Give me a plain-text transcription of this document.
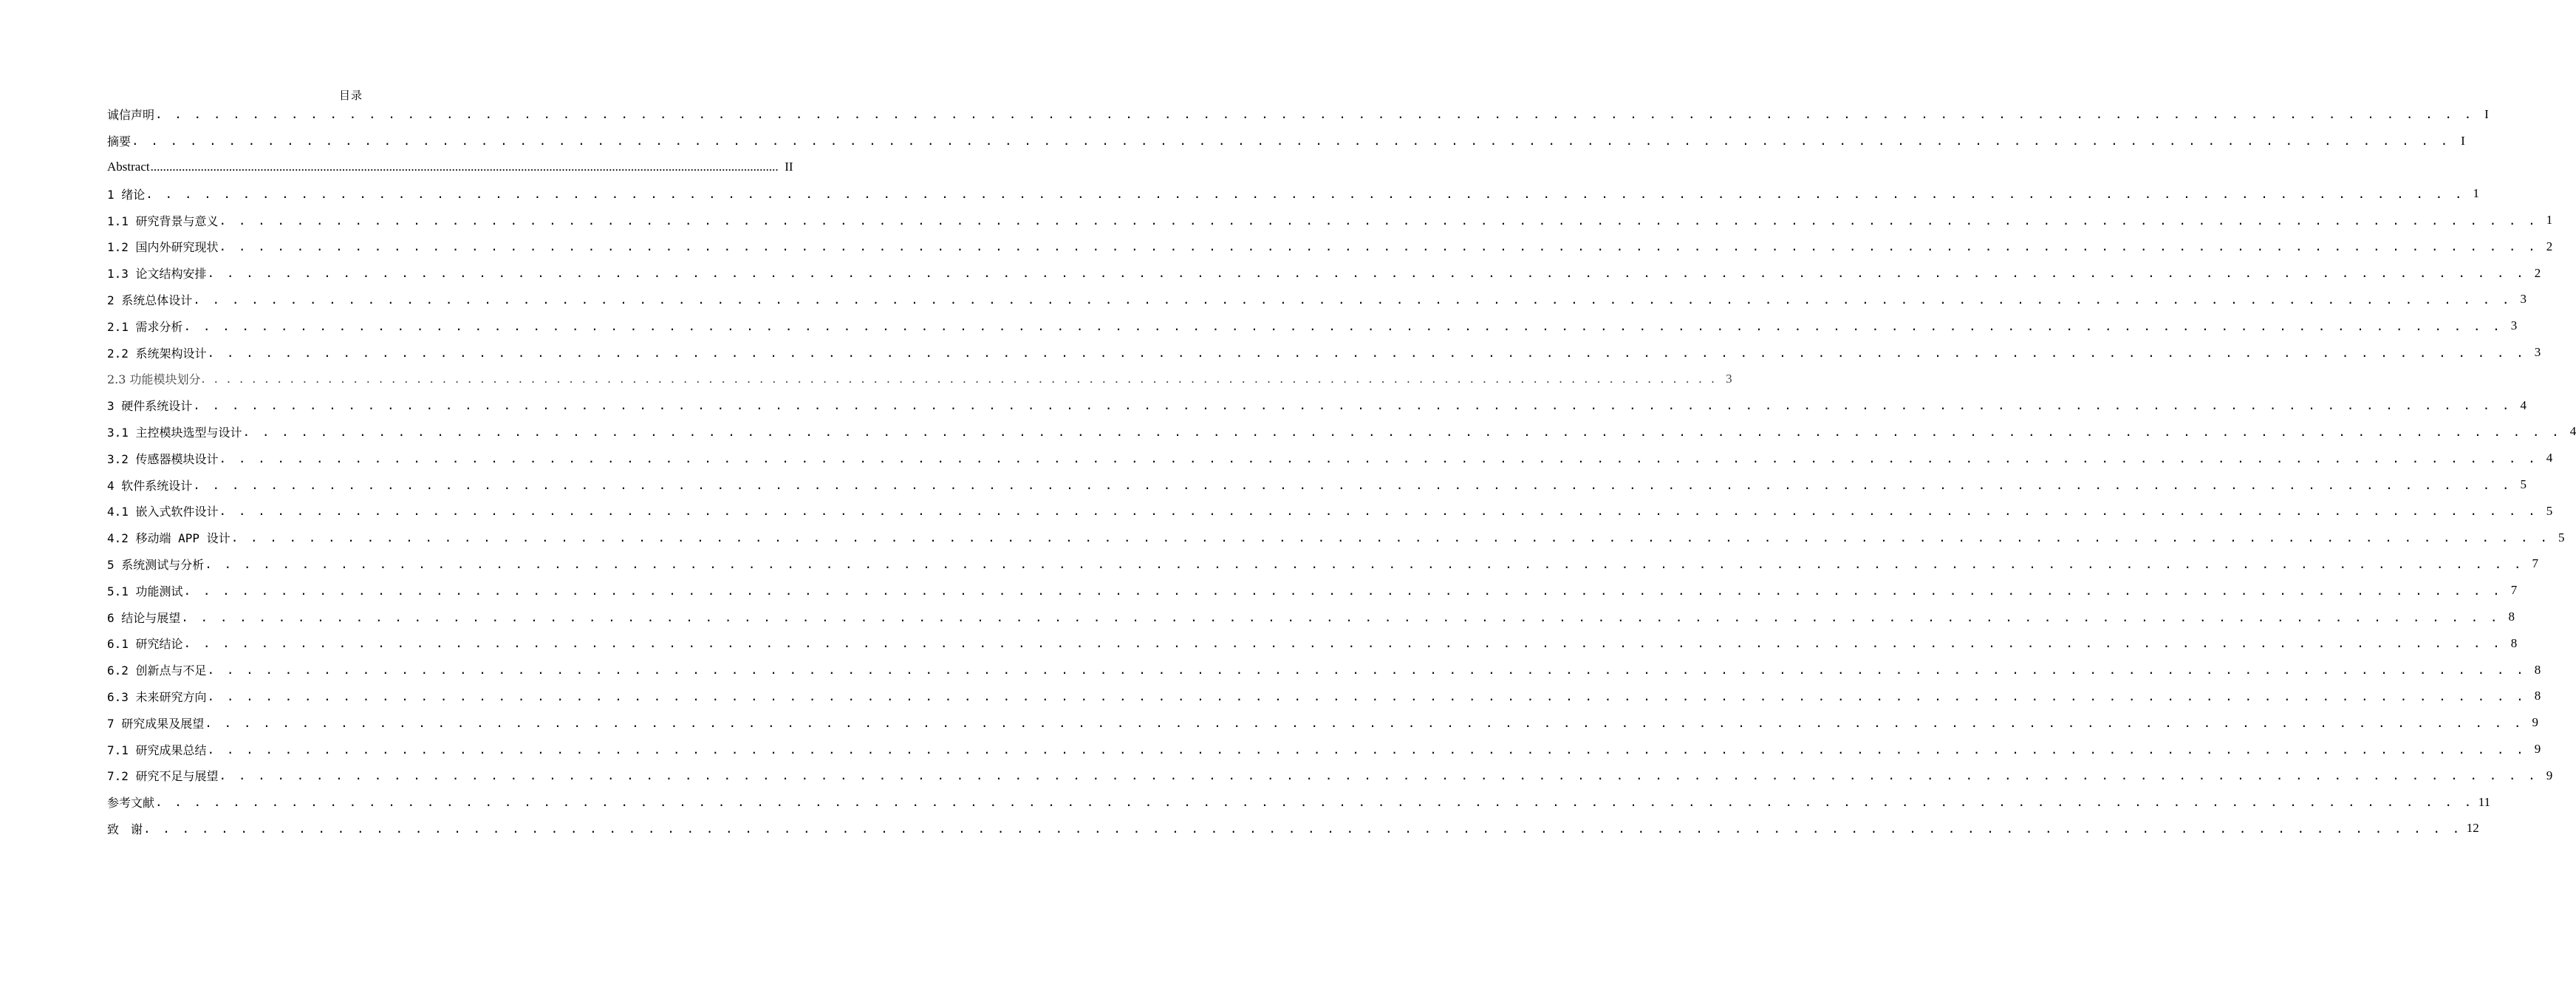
目录
诚信声明 . . . . . . . . . . . . . . . . . . . . . . . . . . . . . . . . . . . . . . . . . . . . . . . . . . . . . . . . . . . . . . . . . . . . . . . . . . . . . . . . . . . . . . . . . . . . . . . . . . . . . . . . . . . . . . . . . . . . . . . . I
摘要 . . . . . . . . . . . . . . . . . . . . . . . . . . . . . . . . . . . . . . . . . . . . . . . . . . . . . . . . . . . . . . . . . . . . . . . . . . . . . . . . . . . . . . . . . . . . . . . . . . . . . . . . . . . . . . . . . . . . . . . . I
Abstract ........................................................................................................................................................................................................ II
1 绪论 . . . . . . . . . . . . . . . . . . . . . . . . . . . . . . . . . . . . . . . . . . . . . . . . . . . . . . . . . . . . . . . . . . . . . . . . . . . . . . . . . . . . . . . . . . . . . . . . . . . . . . . . . . . . . . . . . . . . . . . . 1
1.1 研究背景与意义 . . . . . . . . . . . . . . . . . . . . . . . . . . . . . . . . . . . . . . . . . . . . . . . . . . . . . . . . . . . . . . . . . . . . . . . . . . . . . . . . . . . . . . . . . . . . . . . . . . . . . . . . . . . . . . . . . . . . . . . . 1
1.2 国内外研究现状 . . . . . . . . . . . . . . . . . . . . . . . . . . . . . . . . . . . . . . . . . . . . . . . . . . . . . . . . . . . . . . . . . . . . . . . . . . . . . . . . . . . . . . . . . . . . . . . . . . . . . . . . . . . . . . . . . . . . . . . . 2
1.3 论文结构安排 . . . . . . . . . . . . . . . . . . . . . . . . . . . . . . . . . . . . . . . . . . . . . . . . . . . . . . . . . . . . . . . . . . . . . . . . . . . . . . . . . . . . . . . . . . . . . . . . . . . . . . . . . . . . . . . . . . . . . . . . 2
2 系统总体设计 . . . . . . . . . . . . . . . . . . . . . . . . . . . . . . . . . . . . . . . . . . . . . . . . . . . . . . . . . . . . . . . . . . . . . . . . . . . . . . . . . . . . . . . . . . . . . . . . . . . . . . . . . . . . . . . . . . . . . . . . 3
2.1 需求分析 . . . . . . . . . . . . . . . . . . . . . . . . . . . . . . . . . . . . . . . . . . . . . . . . . . . . . . . . . . . . . . . . . . . . . . . . . . . . . . . . . . . . . . . . . . . . . . . . . . . . . . . . . . . . . . . . . . . . . . . . 3
2.2 系统架构设计 . . . . . . . . . . . . . . . . . . . . . . . . . . . . . . . . . . . . . . . . . . . . . . . . . . . . . . . . . . . . . . . . . . . . . . . . . . . . . . . . . . . . . . . . . . . . . . . . . . . . . . . . . . . . . . . . . . . . . . . . 3
2.3 功能模块划分 . . . . . . . . . . . . . . . . . . . . . . . . . . . . . . . . . . . . . . . . . . . . . . . . . . . . . . . . . . . . . . . . . . . . . . . . . . . . . . . . . . . . . . . . . . . . . . . . . . . . . . . . . . . . . . . . . . . . . . . . 3
3 硬件系统设计 . . . . . . . . . . . . . . . . . . . . . . . . . . . . . . . . . . . . . . . . . . . . . . . . . . . . . . . . . . . . . . . . . . . . . . . . . . . . . . . . . . . . . . . . . . . . . . . . . . . . . . . . . . . . . . . . . . . . . . . . 4
3.1 主控模块选型与设计 . . . . . . . . . . . . . . . . . . . . . . . . . . . . . . . . . . . . . . . . . . . . . . . . . . . . . . . . . . . . . . . . . . . . . . . . . . . . . . . . . . . . . . . . . . . . . . . . . . . . . . . . . . . . . . . . . . . . . . . . 4
3.2 传感器模块设计 . . . . . . . . . . . . . . . . . . . . . . . . . . . . . . . . . . . . . . . . . . . . . . . . . . . . . . . . . . . . . . . . . . . . . . . . . . . . . . . . . . . . . . . . . . . . . . . . . . . . . . . . . . . . . . . . . . . . . . . . 4
4 软件系统设计 . . . . . . . . . . . . . . . . . . . . . . . . . . . . . . . . . . . . . . . . . . . . . . . . . . . . . . . . . . . . . . . . . . . . . . . . . . . . . . . . . . . . . . . . . . . . . . . . . . . . . . . . . . . . . . . . . . . . . . . . 5
4.1 嵌入式软件设计 . . . . . . . . . . . . . . . . . . . . . . . . . . . . . . . . . . . . . . . . . . . . . . . . . . . . . . . . . . . . . . . . . . . . . . . . . . . . . . . . . . . . . . . . . . . . . . . . . . . . . . . . . . . . . . . . . . . . . . . . 5
4.2 移动端 APP 设计 . . . . . . . . . . . . . . . . . . . . . . . . . . . . . . . . . . . . . . . . . . . . . . . . . . . . . . . . . . . . . . . . . . . . . . . . . . . . . . . . . . . . . . . . . . . . . . . . . . . . . . . . . . . . . . . . . . . . . . . . 5
5 系统测试与分析 . . . . . . . . . . . . . . . . . . . . . . . . . . . . . . . . . . . . . . . . . . . . . . . . . . . . . . . . . . . . . . . . . . . . . . . . . . . . . . . . . . . . . . . . . . . . . . . . . . . . . . . . . . . . . . . . . . . . . . . . 7
5.1 功能测试 . . . . . . . . . . . . . . . . . . . . . . . . . . . . . . . . . . . . . . . . . . . . . . . . . . . . . . . . . . . . . . . . . . . . . . . . . . . . . . . . . . . . . . . . . . . . . . . . . . . . . . . . . . . . . . . . . . . . . . . . 7
6 结论与展望 . . . . . . . . . . . . . . . . . . . . . . . . . . . . . . . . . . . . . . . . . . . . . . . . . . . . . . . . . . . . . . . . . . . . . . . . . . . . . . . . . . . . . . . . . . . . . . . . . . . . . . . . . . . . . . . . . . . . . . . . 8
6.1 研究结论 . . . . . . . . . . . . . . . . . . . . . . . . . . . . . . . . . . . . . . . . . . . . . . . . . . . . . . . . . . . . . . . . . . . . . . . . . . . . . . . . . . . . . . . . . . . . . . . . . . . . . . . . . . . . . . . . . . . . . . . . 8
6.2 创新点与不足 . . . . . . . . . . . . . . . . . . . . . . . . . . . . . . . . . . . . . . . . . . . . . . . . . . . . . . . . . . . . . . . . . . . . . . . . . . . . . . . . . . . . . . . . . . . . . . . . . . . . . . . . . . . . . . . . . . . . . . . . 8
6.3 未来研究方向 . . . . . . . . . . . . . . . . . . . . . . . . . . . . . . . . . . . . . . . . . . . . . . . . . . . . . . . . . . . . . . . . . . . . . . . . . . . . . . . . . . . . . . . . . . . . . . . . . . . . . . . . . . . . . . . . . . . . . . . . 8
7 研究成果及展望 . . . . . . . . . . . . . . . . . . . . . . . . . . . . . . . . . . . . . . . . . . . . . . . . . . . . . . . . . . . . . . . . . . . . . . . . . . . . . . . . . . . . . . . . . . . . . . . . . . . . . . . . . . . . . . . . . . . . . . . . 9
7.1 研究成果总结 . . . . . . . . . . . . . . . . . . . . . . . . . . . . . . . . . . . . . . . . . . . . . . . . . . . . . . . . . . . . . . . . . . . . . . . . . . . . . . . . . . . . . . . . . . . . . . . . . . . . . . . . . . . . . . . . . . . . . . . . 9
7.2 研究不足与展望 . . . . . . . . . . . . . . . . . . . . . . . . . . . . . . . . . . . . . . . . . . . . . . . . . . . . . . . . . . . . . . . . . . . . . . . . . . . . . . . . . . . . . . . . . . . . . . . . . . . . . . . . . . . . . . . . . . . . . . . . 9
参考文献 . . . . . . . . . . . . . . . . . . . . . . . . . . . . . . . . . . . . . . . . . . . . . . . . . . . . . . . . . . . . . . . . . . . . . . . . . . . . . . . . . . . . . . . . . . . . . . . . . . . . . . . . . . . . . . . . . . . . . . . . 11
致　谢 . . . . . . . . . . . . . . . . . . . . . . . . . . . . . . . . . . . . . . . . . . . . . . . . . . . . . . . . . . . . . . . . . . . . . . . . . . . . . . . . . . . . . . . . . . . . . . . . . . . . . . . . . . . . . . . . . . . . . . . . 12
